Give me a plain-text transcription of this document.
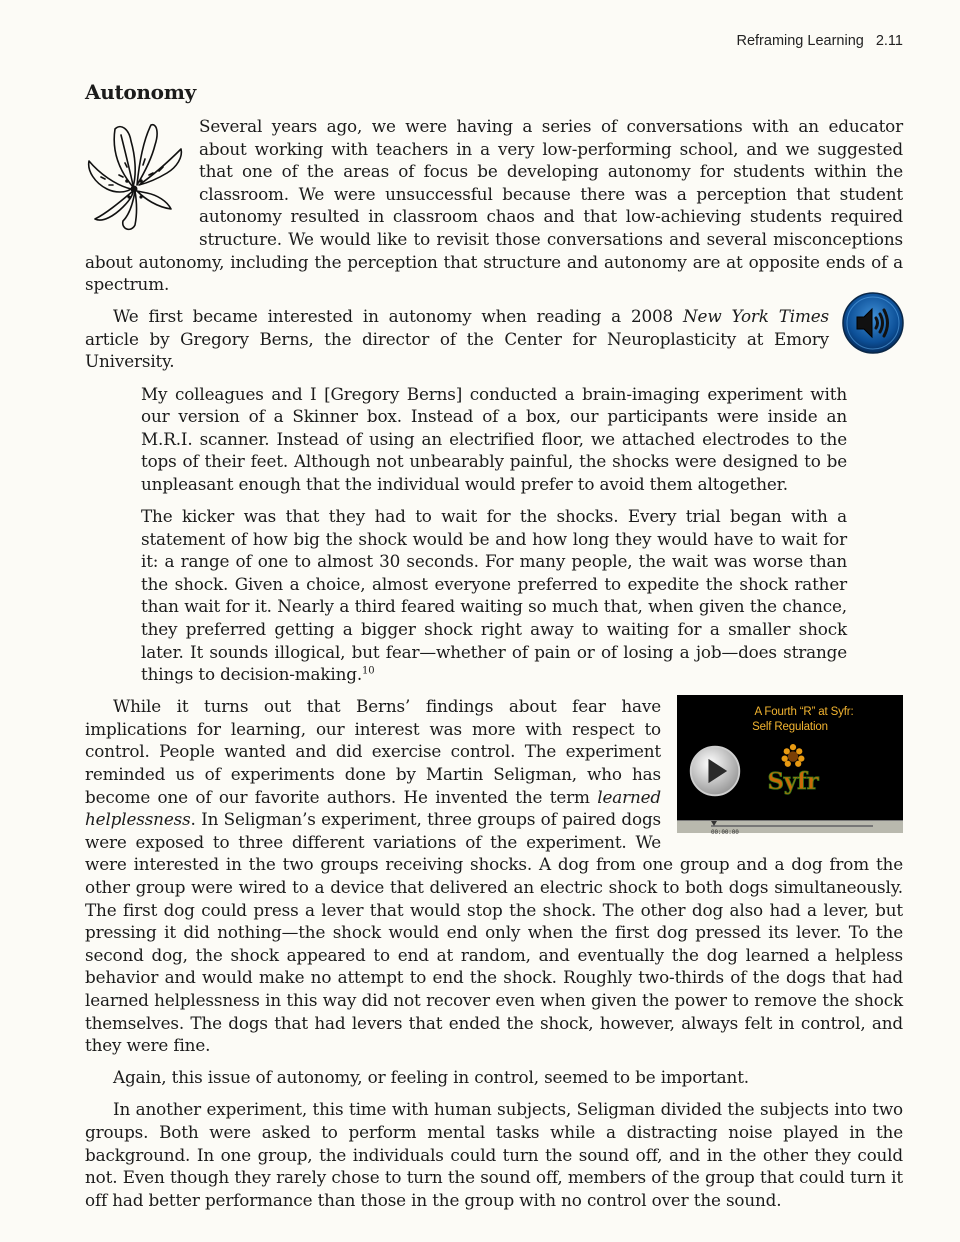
Reframing Learning 2.11
Autonomy

Several years ago, we were having a series of conversations with an educator about working with teachers in a very low-performing school, and we suggested that one of the areas of focus be developing autonomy for students within the classroom. We were unsuccessful because there was a perception that student autonomy resulted in classroom chaos and that low-achieving students required structure. We would like to revisit those conversations and several misconceptions about autonomy, including the perception that structure and autonomy are at opposite ends of a spectrum.

We first became interested in autonomy when reading a 2008 New York Times article by Gregory Berns, the director of the Center for Neuroplasticity at Emory University.

My colleagues and I [Gregory Berns] conducted a brain-imaging experiment with our version of a Skinner box. Instead of a box, our participants were inside an M.R.I. scanner. Instead of using an electrified floor, we attached electrodes to the tops of their feet. Although not unbearably painful, the shocks were designed to be unpleasant enough that the individual would prefer to avoid them altogether.

The kicker was that they had to wait for the shocks. Every trial began with a statement of how big the shock would be and how long they would have to wait for it: a range of one to almost 30 seconds. For many people, the wait was worse than the shock. Given a choice, almost everyone preferred to expedite the shock rather than wait for it. Nearly a third feared waiting so much that, when given the chance, they preferred getting a bigger shock right away to waiting for a smaller shock later. It sounds illogical, but fear—whether of pain or of losing a job—does strange things to decision-making.$^{10}$

A Fourth “R” at Syfr:
Self Regulation
Syfr
00:00:00
While it turns out that Berns’ findings about fear have implications for learning, our interest was more with respect to control. People wanted and did exercise control. The experiment reminded us of experiments done by Martin Seligman, who has become one of our favorite authors. He invented the term learned helplessness. In Seligman’s experiment, three groups of paired dogs were exposed to three different variations of the experiment. We were interested in the two groups receiving shocks. A dog from one group and a dog from the other group were wired to a device that delivered an electric shock to both dogs simultaneously. The first dog could press a lever that would stop the shock. The other dog also had a lever, but pressing it did nothing—the shock would end only when the first dog pressed its lever. To the second dog, the shock appeared to end at random, and eventually the dog learned a helpless behavior and would make no attempt to end the shock. Roughly two-thirds of the dogs that had learned helplessness in this way did not recover even when given the power to remove the shock themselves. The dogs that had levers that ended the shock, however, always felt in control, and they were fine.

Again, this issue of autonomy, or feeling in control, seemed to be important.

In another experiment, this time with human subjects, Seligman divided the subjects into two groups. Both were asked to perform mental tasks while a distracting noise played in the background. In one group, the individuals could turn the sound off, and in the other they could not. Even though they rarely chose to turn the sound off, members of the group that could turn it off had better performance than those in the group with no control over the sound.
